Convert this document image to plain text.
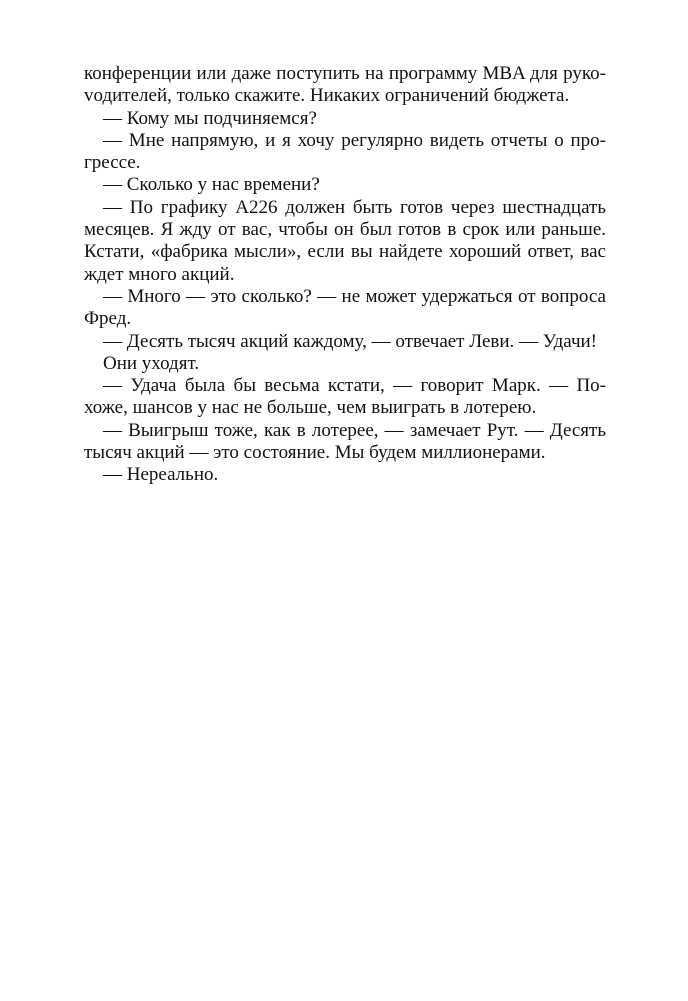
конференции или даже поступить на программу MBA для рукоvодителей, только скажите. Никаких ограничений бюджета.

— Кому мы подчиняемся?

— Мне напрямую, и я хочу регулярно видеть отчеты о прогрессе.

— Сколько у нас времени?

— По графику А226 должен быть готов через шестнадцать месяцев. Я жду от вас, чтобы он был готов в срок или раньше. Кстати, «фабрика мысли», если вы найдете хороший ответ, вас ждет много акций.

— Много — это сколько? — не может удержаться от вопроса Фред.

— Десять тысяч акций каждому, — отвечает Леви. — Удачи!

Они уходят.

— Удача была бы весьма кстати, — говорит Марк. — Похоже, шансов у нас не больше, чем выиграть в лотерею.

— Выигрыш тоже, как в лотерее, — замечает Рут. — Десять тысяч акций — это состояние. Мы будем миллионерами.

— Нереально.
